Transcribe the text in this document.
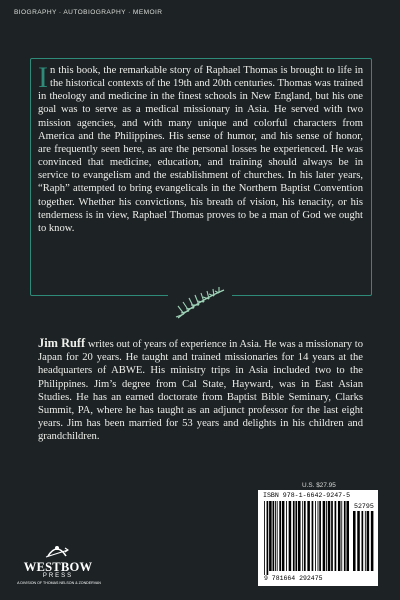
BIOGRAPHY · AUTOBIOGRAPHY · MEMOIR

In this book, the remarkable story of Raphael Thomas is brought to life in the historical contexts of the 19th and 20th centuries. Thomas was trained in theology and medicine in the finest schools in New England, but his one goal was to serve as a medical missionary in Asia. He served with two mission agencies, and with many unique and colorful characters from America and the Philippines. His sense of humor, and his sense of honor, are frequently seen here, as are the personal losses he experienced. He was convinced that medicine, education, and training should always be in service to evangelism and the establishment of churches. In his later years, “Raph” attempted to bring evangelicals in the Northern Baptist Convention together. Whether his convictions, his breath of vision, his tenacity, or his tenderness is in view, Raphael Thomas proves to be a man of God we ought to know.

Jim Ruff writes out of years of experience in Asia. He was a missionary to Japan for 20 years. He taught and trained missionaries for 14 years at the headquarters of ABWE. His ministry trips in Asia included two to the Philippines. Jim’s degree from Cal State, Hayward, was in East Asian Studies. He has an earned doctorate from Baptist Bible Seminary, Clarks Summit, PA, where he has taught as an adjunct professor for the last eight years. Jim has been married for 53 years and delights in his children and grandchildren.

U.S. $27.95
ISBN 978-1-6642-9247-5
52795
9 781664 292475
WESTBOW
PRESS
A DIVISION OF THOMAS NELSON & ZONDERVAN
